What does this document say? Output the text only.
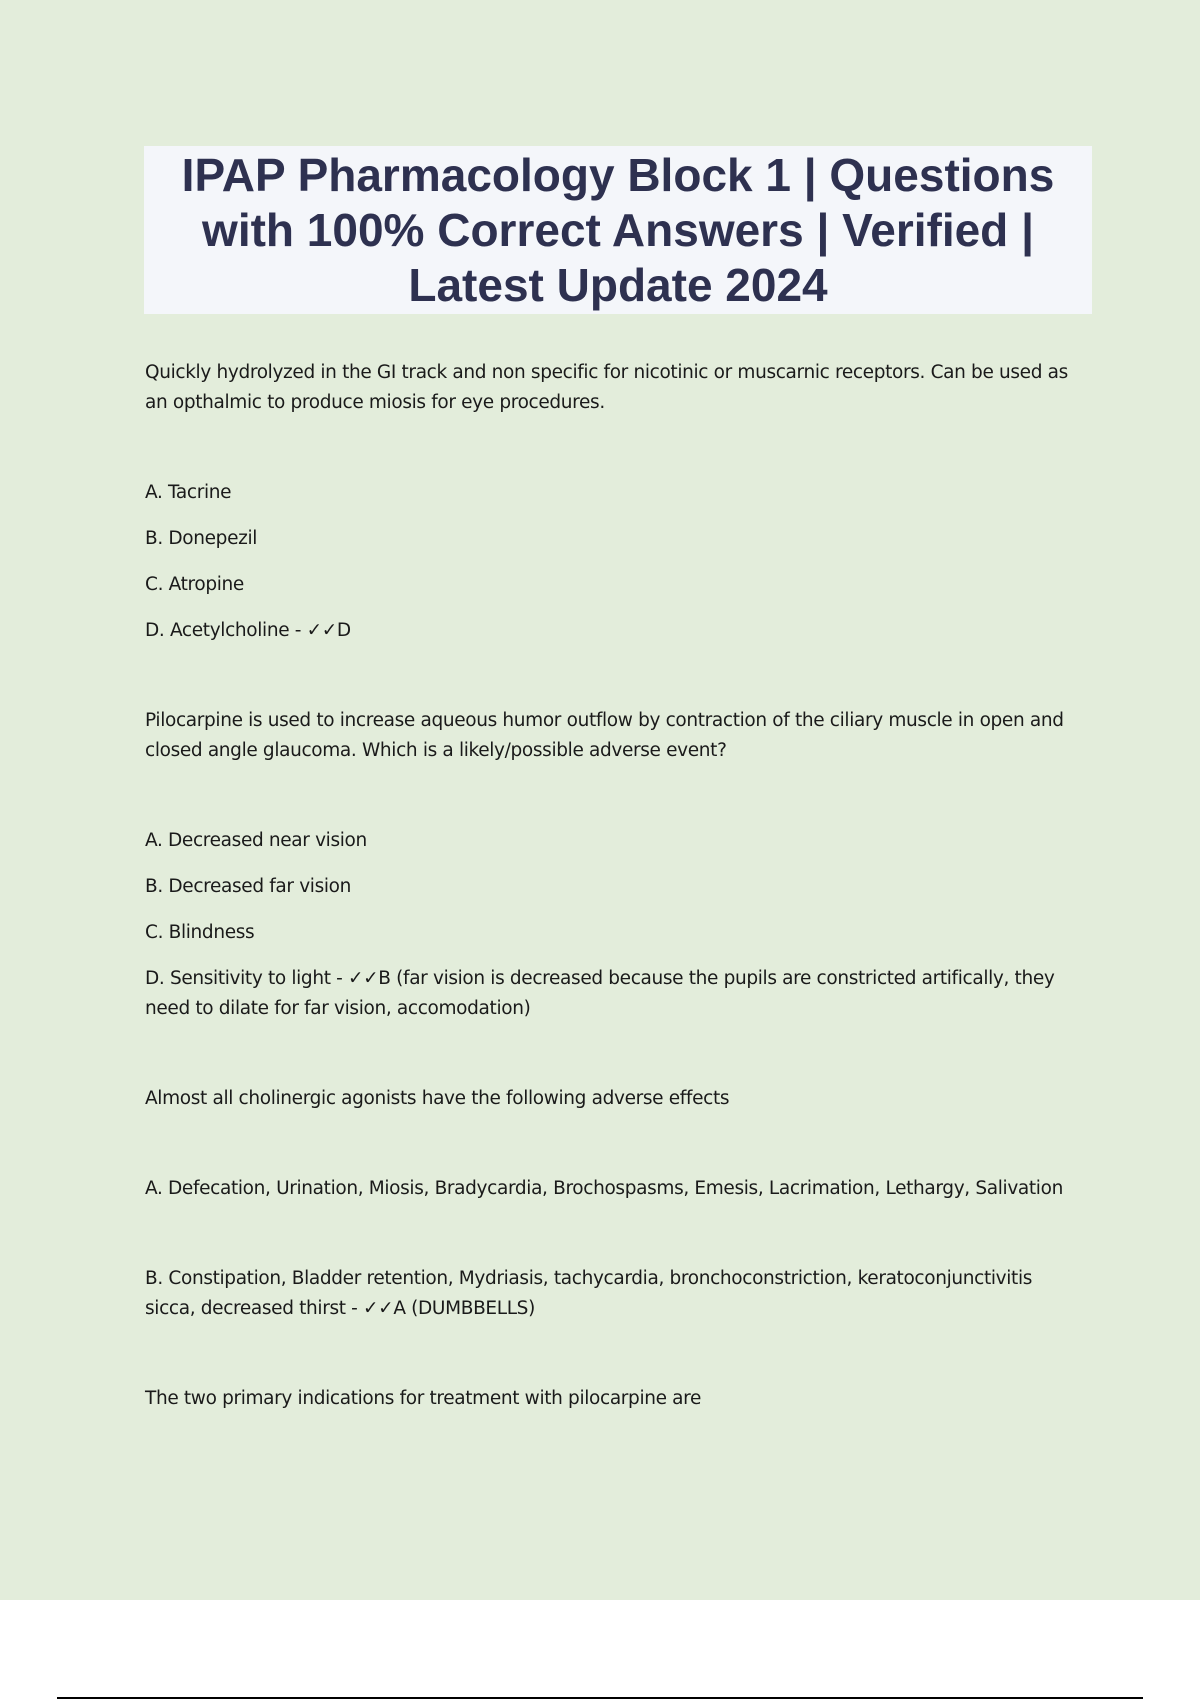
IPAP Pharmacology Block 1 | Questions with 100% Correct Answers | Verified | Latest Update 2024

Quickly hydrolyzed in the GI track and non specific for nicotinic or muscarnic receptors. Can be used as an opthalmic to produce miosis for eye procedures.

A. Tacrine

B. Donepezil

C. Atropine

D. Acetylcholine - ✓✓D

Pilocarpine is used to increase aqueous humor outflow by contraction of the ciliary muscle in open and closed angle glaucoma. Which is a likely/possible adverse event?

A. Decreased near vision

B. Decreased far vision

C. Blindness

D. Sensitivity to light - ✓✓B (far vision is decreased because the pupils are constricted artifically, they need to dilate for far vision, accomodation)

Almost all cholinergic agonists have the following adverse effects

A. Defecation, Urination, Miosis, Bradycardia, Brochospasms, Emesis, Lacrimation, Lethargy, Salivation

B. Constipation, Bladder retention, Mydriasis, tachycardia, bronchoconstriction, keratoconjunctivitis sicca, decreased thirst - ✓✓A (DUMBBELLS)

The two primary indications for treatment with pilocarpine are
